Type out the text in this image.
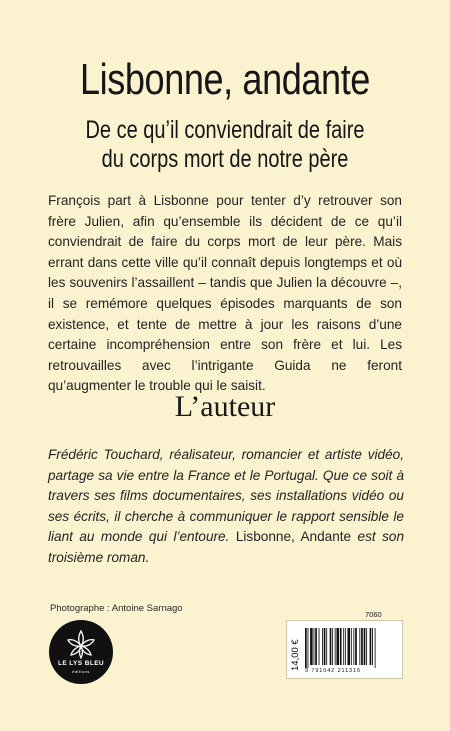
Lisbonne, andante
De ce qu’il conviendrait de faire
du corps mort de notre père

François part à Lisbonne pour tenter d’y retrouver son frère Julien, afin qu’ensemble ils décident de ce qu’il conviendrait de faire du corps mort de leur père. Mais errant dans cette ville qu’il connaît depuis longtemps et où les souvenirs l’assaillent – tandis que Julien la découvre –, il se remémore quelques épisodes marquants de son existence, et tente de mettre à jour les raisons d’une certaine incompréhension entre son frère et lui. Les retrouvailles avec l’intrigante Guida ne feront qu’augmenter le trouble qui le saisit.

L’auteur
Frédéric Touchard, réalisateur, romancier et artiste vidéo, partage sa vie entre la France et le Portugal. Que ce soit à travers ses films documentaires, ses installations vidéo ou ses écrits, il cherche à communiquer le rapport sensible le liant au monde qui l’entoure. Lisbonne, Andante est son troisième roman.
Photographe : Antoine Sarnago
LE LYS BLEU
éditions
7060
14,00 € 9 791042 211316
